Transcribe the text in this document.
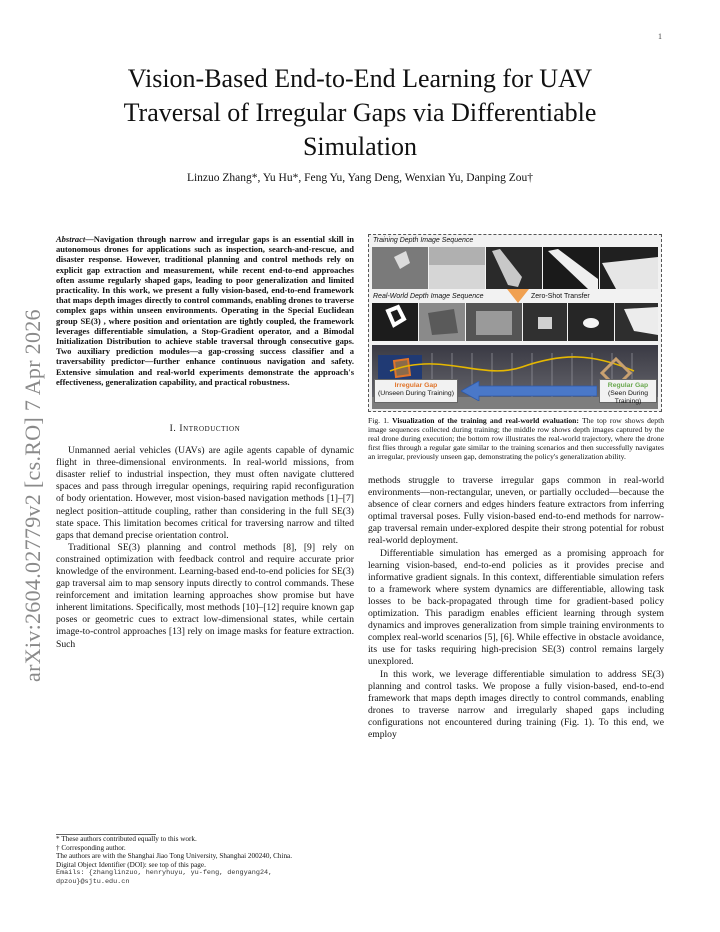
1
arXiv:2604.02779v2 [cs.RO] 7 Apr 2026
Vision-Based End-to-End Learning for UAV Traversal of Irregular Gaps via Differentiable Simulation
Linzuo Zhang*, Yu Hu*, Feng Yu, Yang Deng, Wenxian Yu, Danping Zou†
Abstract—Navigation through narrow and irregular gaps is an essential skill in autonomous drones for applications such as inspection, search-and-rescue, and disaster response. However, traditional planning and control methods rely on explicit gap extraction and measurement, while recent end-to-end approaches often assume regularly shaped gaps, leading to poor generalization and limited practicality. In this work, we present a fully vision-based, end-to-end framework that maps depth images directly to control commands, enabling drones to traverse complex gaps within unseen environments. Operating in the Special Euclidean group SE(3) , where position and orientation are tightly coupled, the framework leverages differentiable simulation, a Stop-Gradient operator, and a Bimodal Initialization Distribution to achieve stable traversal through consecutive gaps. Two auxiliary prediction modules—a gap-crossing success classifier and a traversability predictor—further enhance continuous navigation and safety. Extensive simulation and real-world experiments demonstrate the approach's effectiveness, generalization capability, and practical robustness.
I. Introduction

Unmanned aerial vehicles (UAVs) are agile agents capable of dynamic flight in three-dimensional environments. In real-world missions, from disaster relief to industrial inspection, they must often navigate cluttered spaces and pass through irregular openings, requiring rapid reconfiguration of body orientation. However, most vision-based navigation methods [1]–[7] neglect position–attitude coupling, rather than considering in the full SE(3) state space. This limitation becomes critical for traversing narrow and tilted gaps that demand precise orientation control.

Traditional SE(3) planning and control methods [8], [9] rely on constrained optimization with feedback control and require accurate prior knowledge of the environment. Learning-based end-to-end policies for SE(3) gap traversal aim to map sensory inputs directly to control commands. These reinforcement and imitation learning approaches show promise but have inherent limitations. Specifically, most methods [10]–[12] require known gap poses or geometric cues to extract low-dimensional states, while certain image-to-control approaches [13] rely on image masks for feature extraction. Such

* These authors contributed equally to this work.
† Corresponding author.
The authors are with the Shanghai Jiao Tong University, Shanghai 200240, China.
Digital Object Identifier (DOI): see top of this page.
Emails: {zhanglinzuo, henryhuyu, yu-feng, dengyang24,
dpzou}@sjtu.edu.cn
Training Depth Image Sequence
Real-World Depth Image Sequence	Zero-Shot Transfer
Irregular Gap
(Unseen During Training)
Regular Gap
(Seen During Training)
Fig. 1. Visualization of the training and real-world evaluation: The top row shows depth image sequences collected during training; the middle row shows depth images captured by the real drone during execution; the bottom row illustrates the real-world trajectory, where the drone first flies through a regular gate similar to the training scenarios and then successfully navigates an irregular, previously unseen gap, demonstrating the policy's generalization ability.

methods struggle to traverse irregular gaps common in real-world environments—non-rectangular, uneven, or partially occluded—because the absence of clear corners and edges hinders feature extractors from inferring optimal traversal poses. Fully vision-based end-to-end methods for narrow-gap traversal remain under-explored despite their strong potential for robust real-world deployment.

Differentiable simulation has emerged as a promising approach for learning vision-based, end-to-end policies as it provides precise and informative gradient signals. In this context, differentiable simulation refers to a framework where system dynamics are differentiable, allowing task losses to be back-propagated through time for gradient-based policy optimization. This paradigm enables efficient learning through system dynamics and improves generalization from simple training environments to complex real-world scenarios [5], [6]. While effective in obstacle avoidance, its use for tasks requiring high-precision SE(3) control remains largely unexplored.

In this work, we leverage differentiable simulation to address SE(3) planning and control tasks. We propose a fully vision-based, end-to-end framework that maps depth images directly to control commands, enabling drones to traverse narrow and irregularly shaped gaps including configurations not encountered during training (Fig. 1). To this end, we employ
